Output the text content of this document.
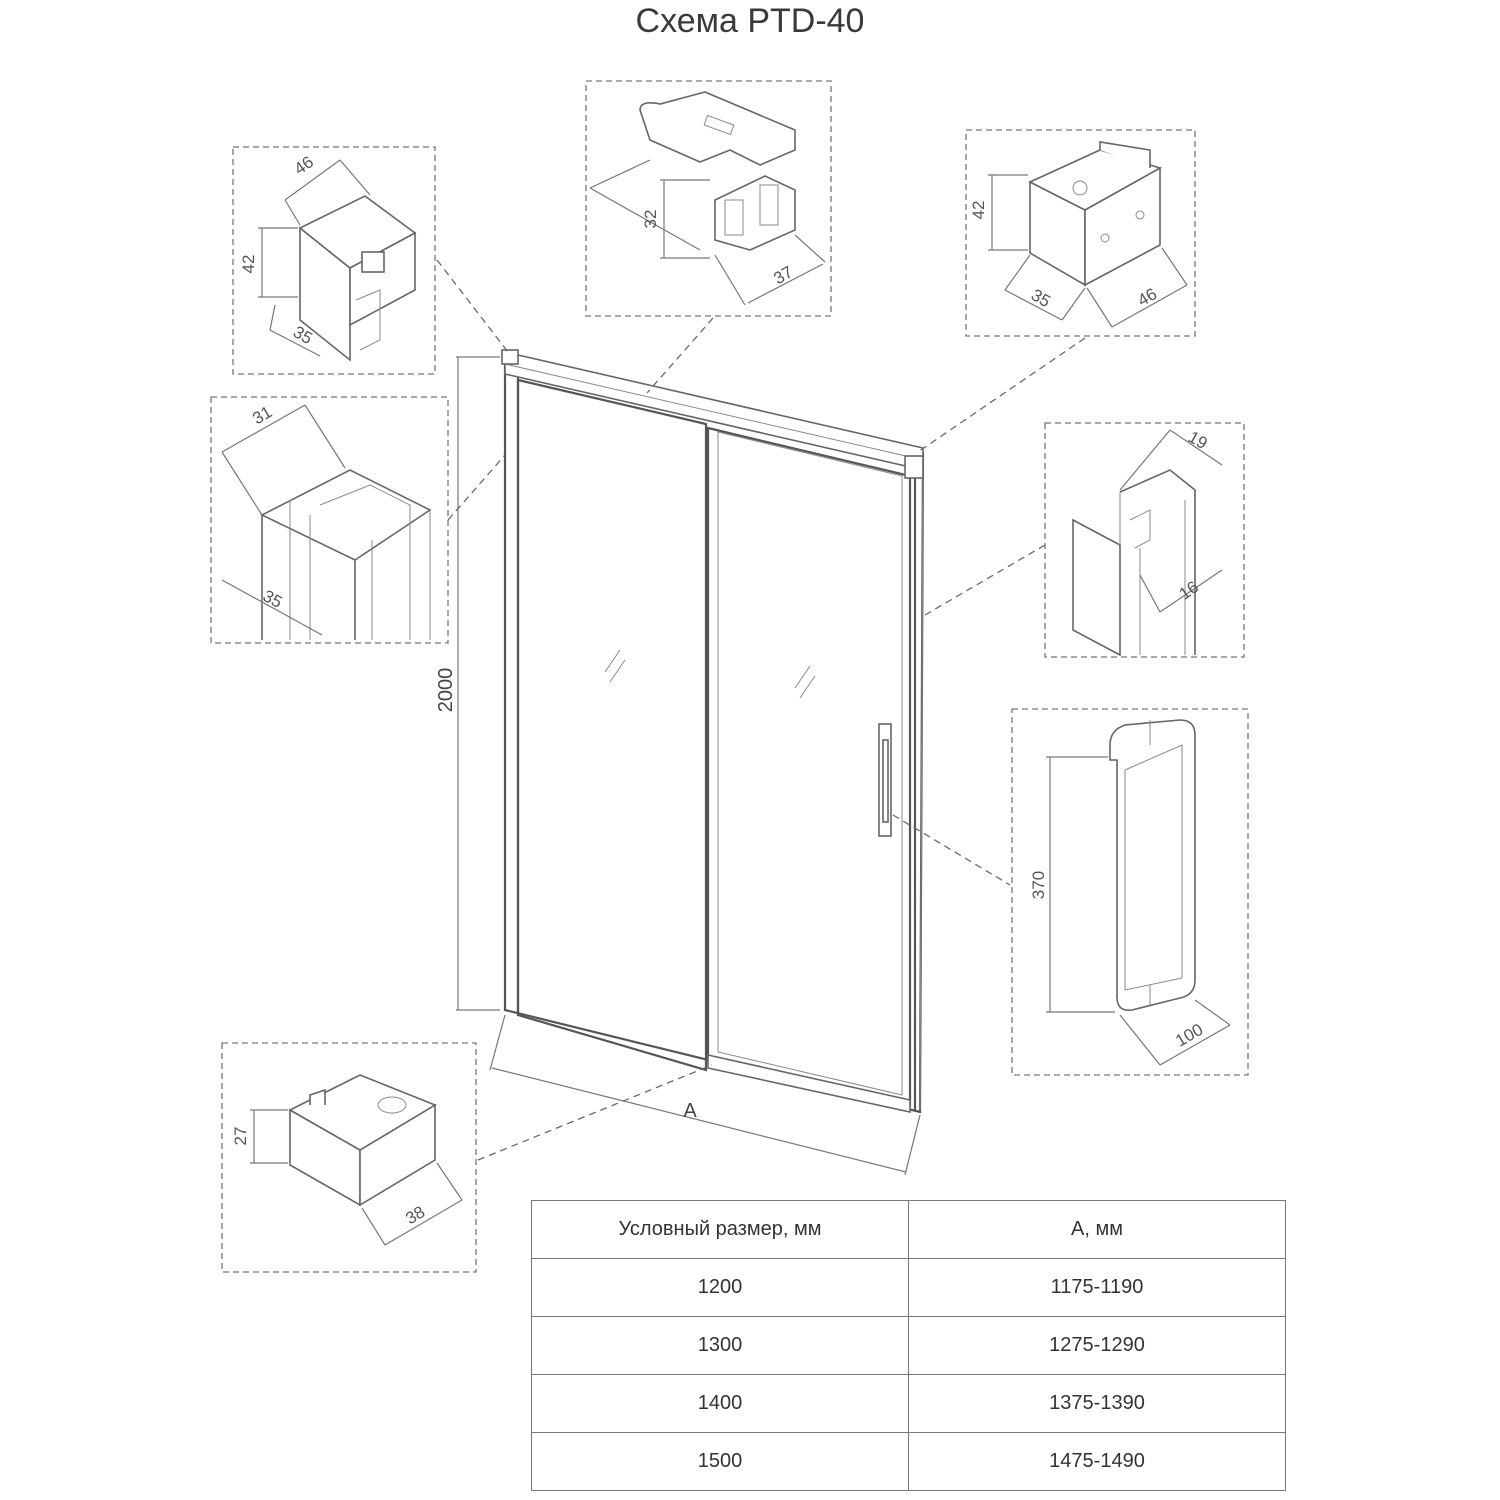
Схема PTD-40
2000
A
46
42
35
32
37
42
35	46
31
35
19
16
370
100
27
38
Условный размер, мм	А, мм
1200	1175-1190
1300	1275-1290
1400	1375-1390
1500	1475-1490
